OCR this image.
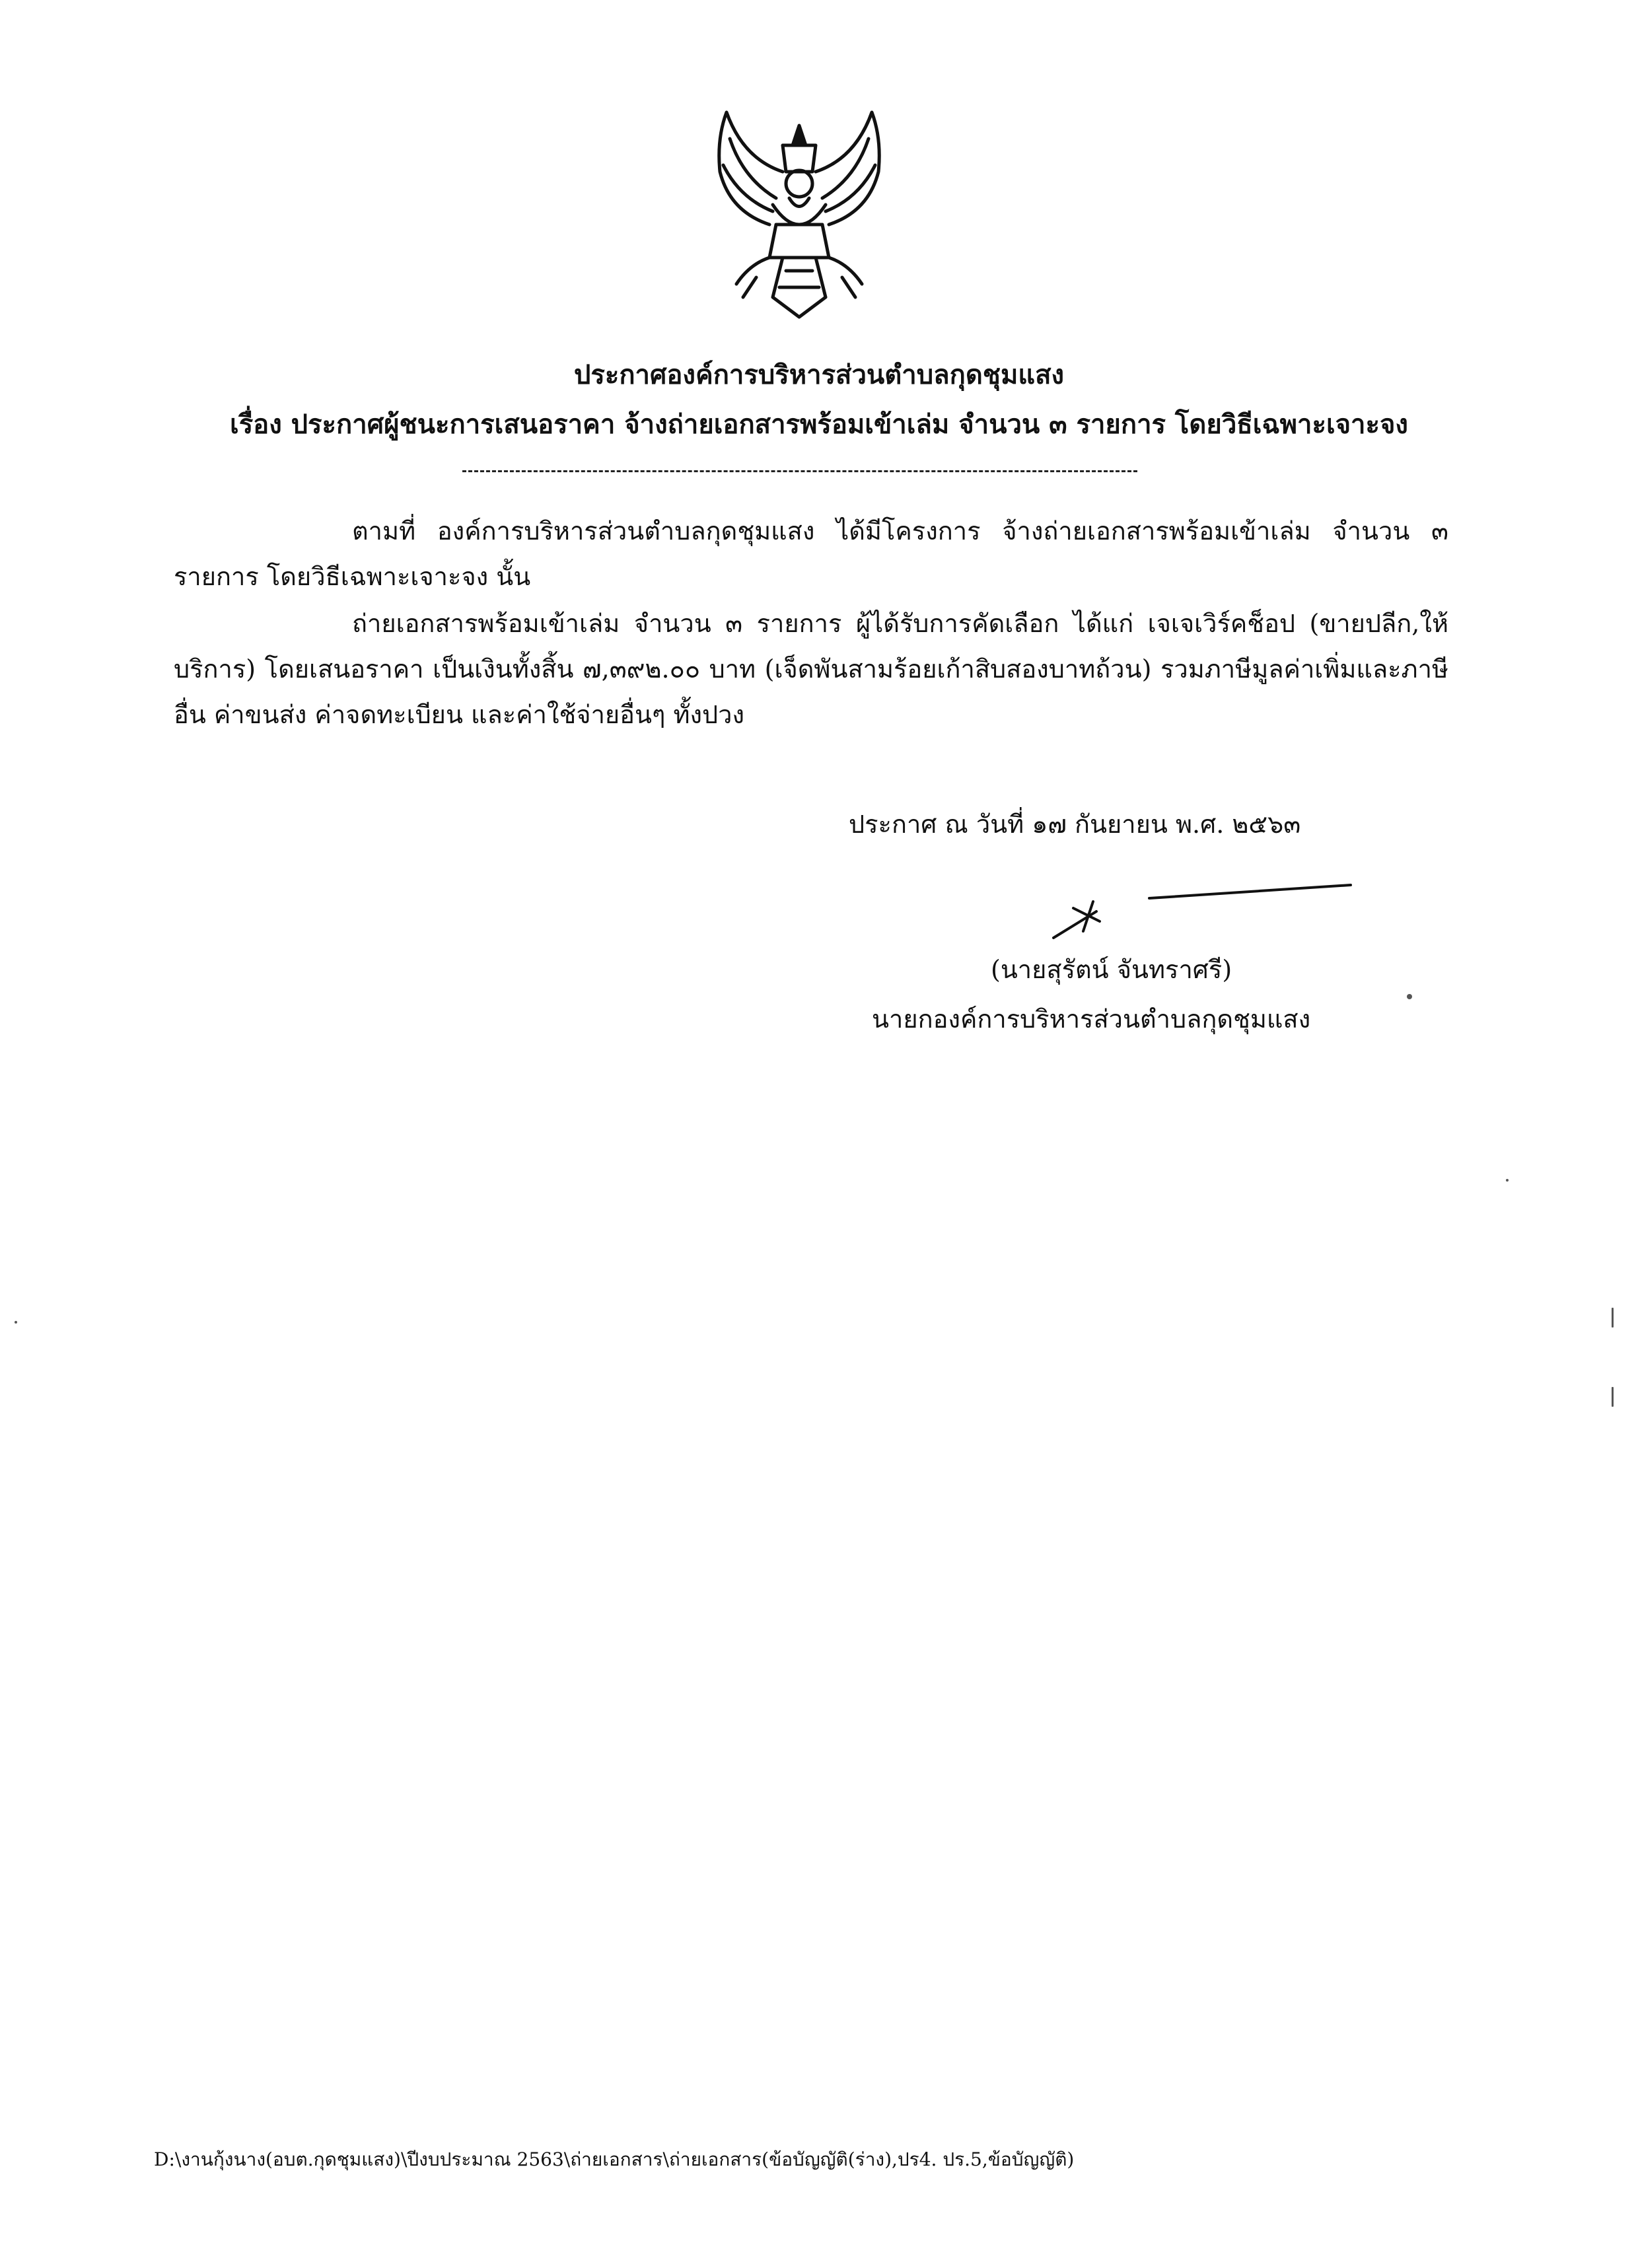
ประกาศองค์การบริหารส่วนตำบลกุดชุมแสง
เรื่อง ประกาศผู้ชนะการเสนอราคา จ้างถ่ายเอกสารพร้อมเข้าเล่ม จำนวน ๓ รายการ โดยวิธีเฉพาะเจาะจง

ตามที่ องค์การบริหารส่วนตำบลกุดชุมแสง ได้มีโครงการ จ้างถ่ายเอกสารพร้อมเข้าเล่ม จำนวน ๓ รายการ โดยวิธีเฉพาะเจาะจง นั้น

ถ่ายเอกสารพร้อมเข้าเล่ม จำนวน ๓ รายการ ผู้ได้รับการคัดเลือก ได้แก่ เจเจเวิร์คช็อป (ขายปลีก,ให้บริการ) โดยเสนอราคา เป็นเงินทั้งสิ้น ๗,๓๙๒.๐๐ บาท (เจ็ดพันสามร้อยเก้าสิบสองบาทถ้วน) รวมภาษีมูลค่าเพิ่มและภาษีอื่น ค่าขนส่ง ค่าจดทะเบียน และค่าใช้จ่ายอื่นๆ ทั้งปวง

ประกาศ ณ วันที่ ๑๗ กันยายน พ.ศ. ๒๕๖๓
(นายสุรัตน์ จันทราศรี)
นายกองค์การบริหารส่วนตำบลกุดชุมแสง
D:\งานกุ้งนาง(อบต.กุดชุมแสง)\ปีงบประมาณ 2563\ถ่ายเอกสาร\ถ่ายเอกสาร(ข้อบัญญัติ(ร่าง),ปร4. ปร.5,ข้อบัญญัติ)
